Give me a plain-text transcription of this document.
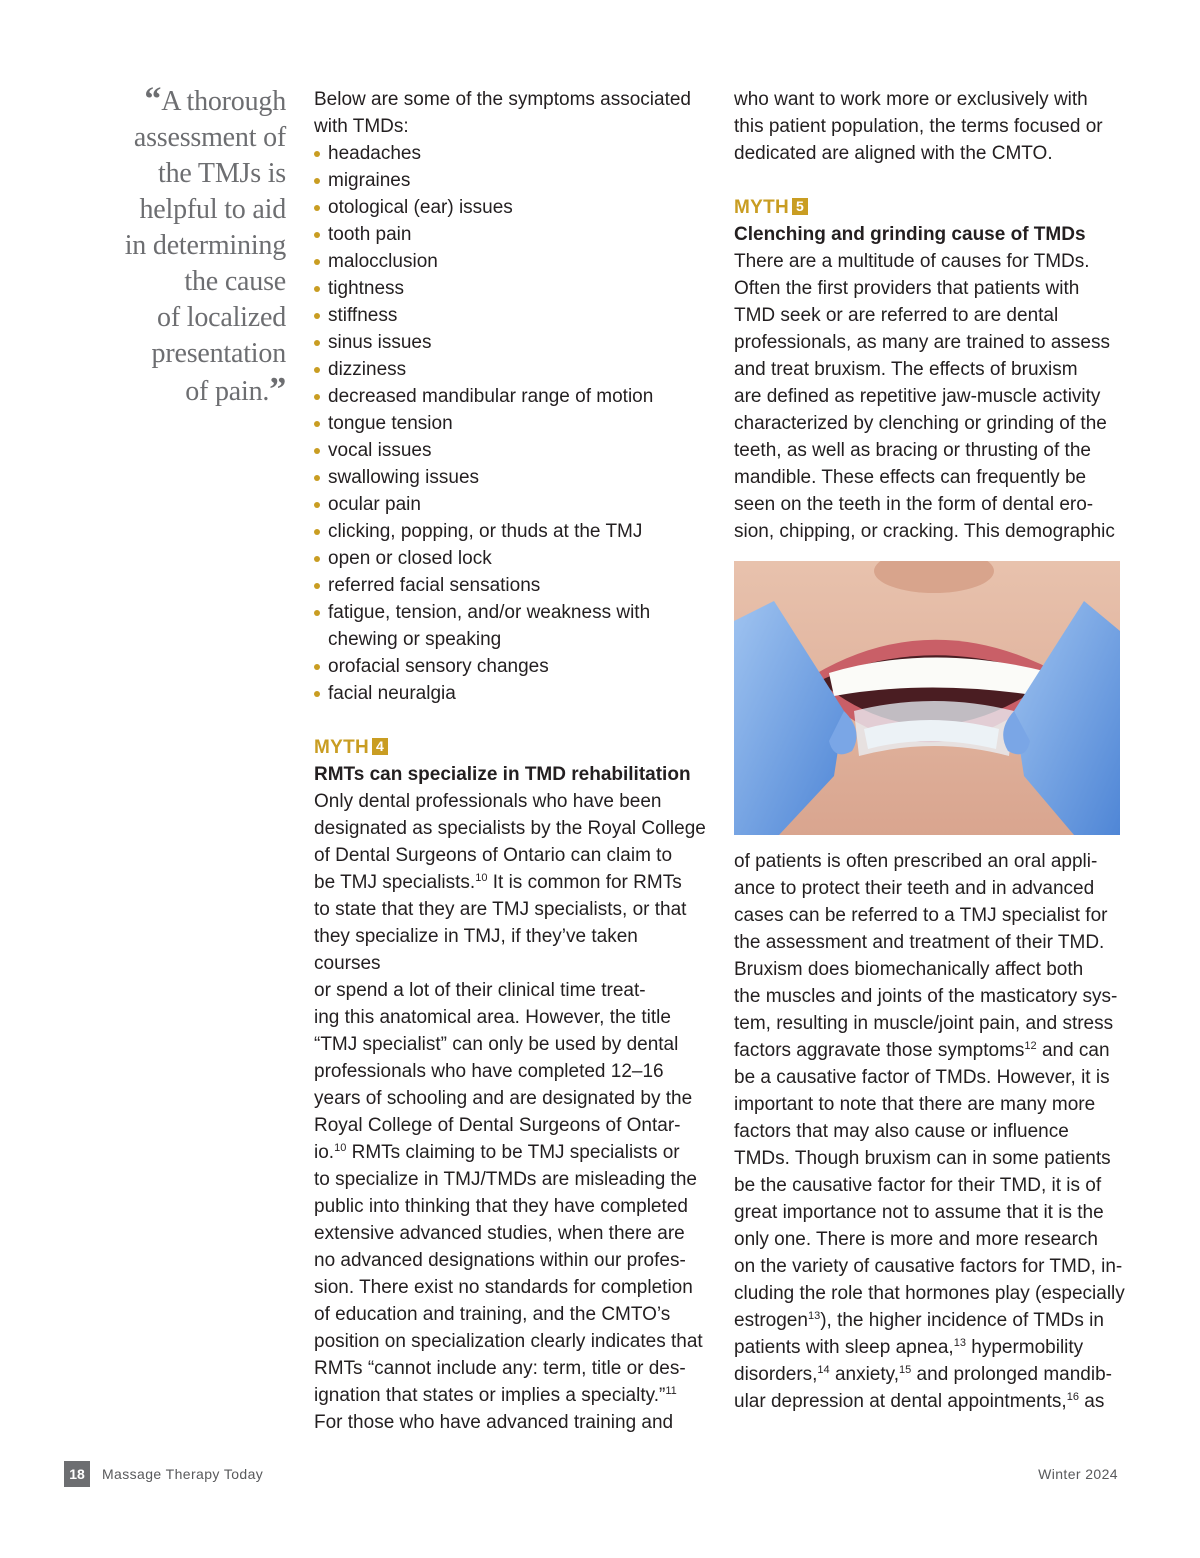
“A thorough
assessment of
the TMJs is
helpful to aid
in determining
the cause
of localized
presentation
of pain.”

Below are some of the symptoms associated

with TMDs:

headaches
migraines
otological (ear) issues
tooth pain
malocclusion
tightness
stiffness
sinus issues
dizziness
decreased mandibular range of motion
tongue tension
vocal issues
swallowing issues
ocular pain
clicking, popping, or thuds at the TMJ
open or closed lock
referred facial sensations
fatigue, tension, and/or weakness with
chewing or speaking
orofacial sensory changes
facial neuralgia

MYTH 4

RMTs can specialize in TMD rehabilitation

Only dental professionals who have been

designated as specialists by the Royal College

of Dental Surgeons of Ontario can claim to

be TMJ specialists.$^{10}$ It is common for RMTs

to state that they are TMJ specialists, or that

they specialize in TMJ, if they’ve taken courses

or spend a lot of their clinical time treat-

ing this anatomical area. However, the title

“TMJ specialist” can only be used by dental

professionals who have completed 12–16

years of schooling and are designated by the

Royal College of Dental Surgeons of Ontar-

io.$^{10}$ RMTs claiming to be TMJ specialists or

to specialize in TMJ/TMDs are misleading the

public into thinking that they have completed

extensive advanced studies, when there are

no advanced designations within our profes-

sion. There exist no standards for completion

of education and training, and the CMTO’s

position on specialization clearly indicates that

RMTs “cannot include any: term, title or des-

ignation that states or implies a specialty.”$^{11}$

For those who have advanced training and

who want to work more or exclusively with

this patient population, the terms focused or

dedicated are aligned with the CMTO.

MYTH 5

Clenching and grinding cause of TMDs

There are a multitude of causes for TMDs.

Often the first providers that patients with

TMD seek or are referred to are dental

professionals, as many are trained to assess

and treat bruxism. The effects of bruxism

are defined as repetitive jaw-muscle activity

characterized by clenching or grinding of the

teeth, as well as bracing or thrusting of the

mandible. These effects can frequently be

seen on the teeth in the form of dental ero-

sion, chipping, or cracking. This demographic

of patients is often prescribed an oral appli-

ance to protect their teeth and in advanced

cases can be referred to a TMJ specialist for

the assessment and treatment of their TMD.

Bruxism does biomechanically affect both

the muscles and joints of the masticatory sys-

tem, resulting in muscle/joint pain, and stress

factors aggravate those symptoms$^{12}$ and can

be a causative factor of TMDs. However, it is

important to note that there are many more

factors that may also cause or influence

TMDs. Though bruxism can in some patients

be the causative factor for their TMD, it is of

great importance not to assume that it is the

only one. There is more and more research

on the variety of causative factors for TMD, in-

cluding the role that hormones play (especially

estrogen$^{13}$), the higher incidence of TMDs in

patients with sleep apnea,$^{13}$ hypermobility

disorders,$^{14}$ anxiety,$^{15}$ and prolonged mandib-

ular depression at dental appointments,$^{16}$ as

18	Massage Therapy Today	Winter 2024
